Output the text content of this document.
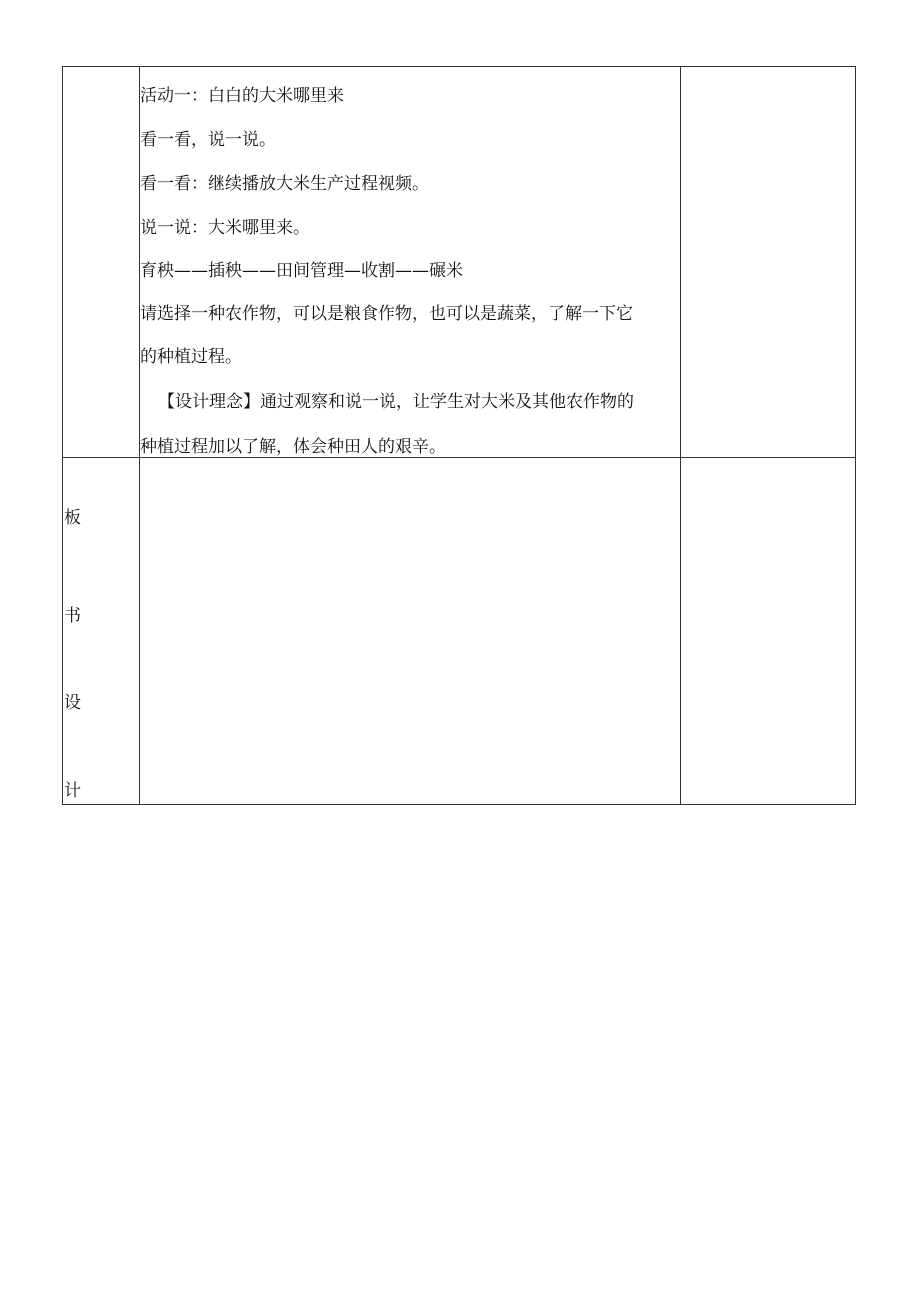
活动一：白白的大米哪里来
看一看，说一说。
看一看：继续播放大米生产过程视频。
说一说：大米哪里来。
育秧——插秧——田间管理—收割——碾米
请选择一种农作物，可以是粮食作物，也可以是蔬菜，了解一下它
的种植过程。
【设计理念】通过观察和说一说，让学生对大米及其他农作物的
种植过程加以了解，体会种田人的艰辛。
板
书
设
计
